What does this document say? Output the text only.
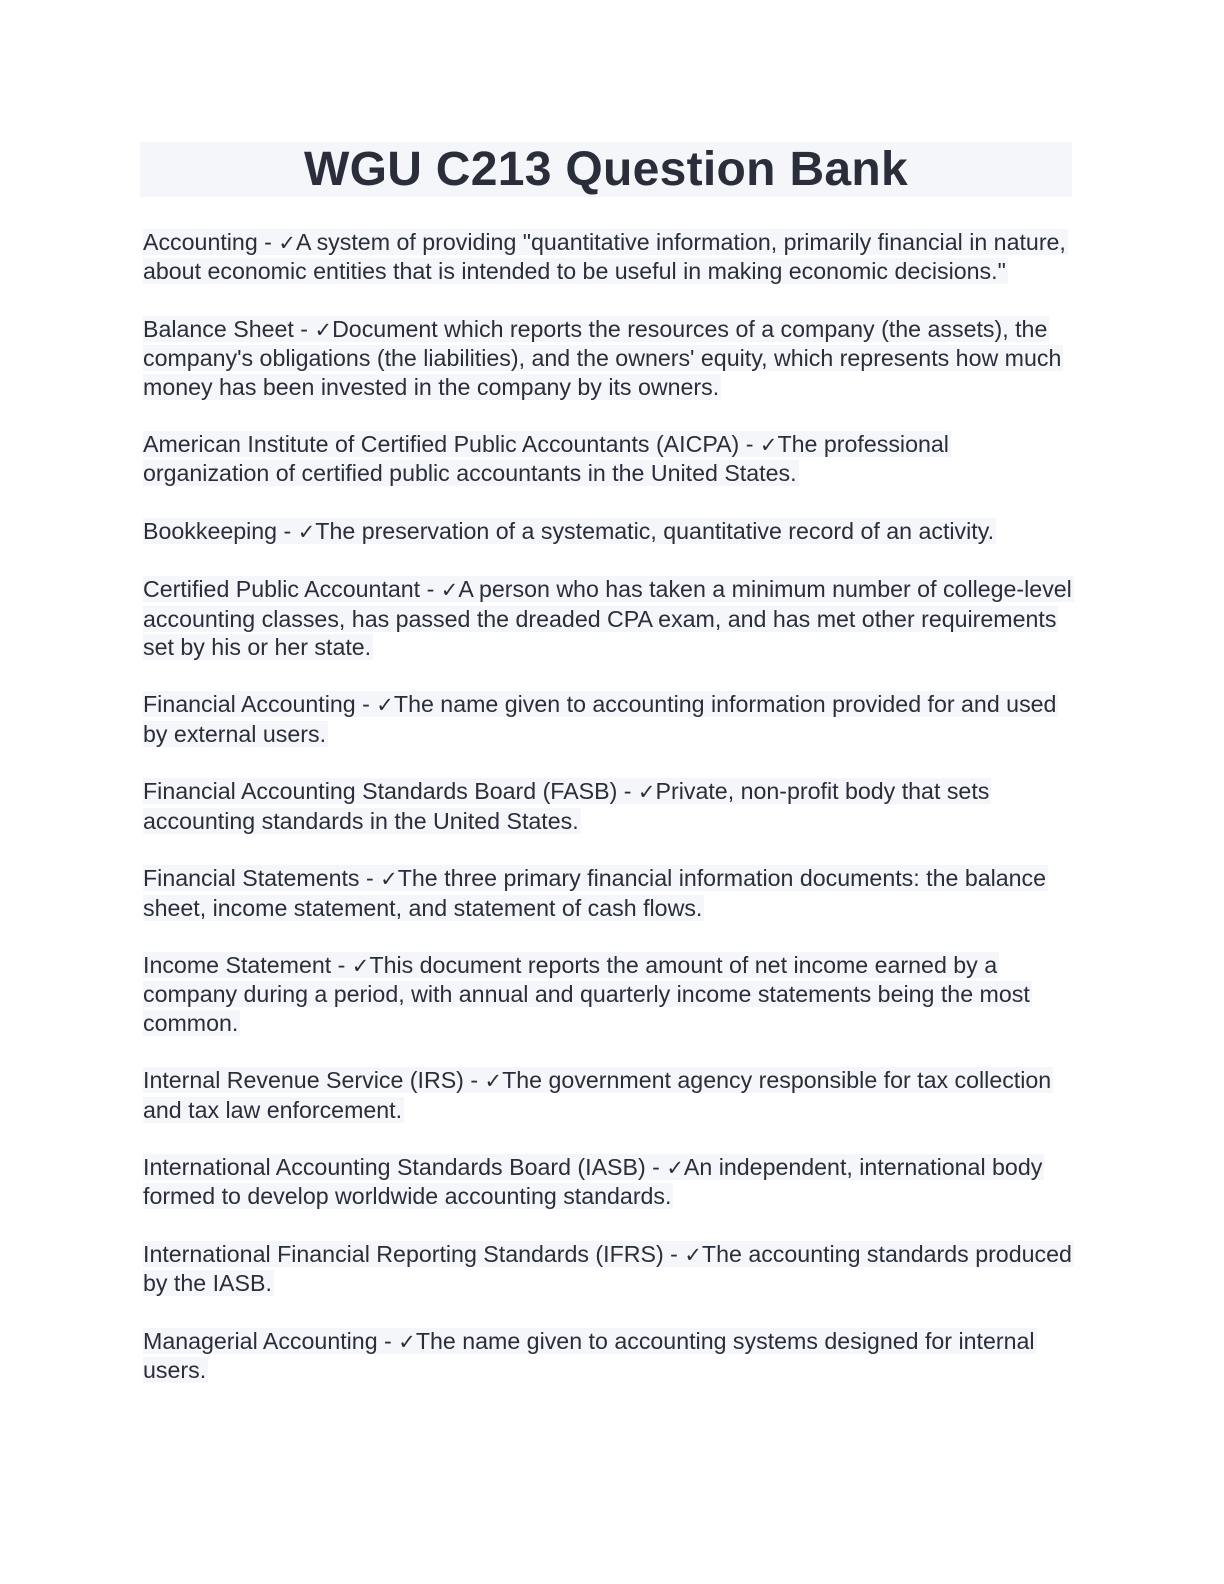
WGU C213 Question Bank

Accounting - ✓A system of providing "quantitative information, primarily financial in nature, about economic entities that is intended to be useful in making economic decisions."

Balance Sheet - ✓Document which reports the resources of a company (the assets), the company's obligations (the liabilities), and the owners' equity, which represents how much money has been invested in the company by its owners.

American Institute of Certified Public Accountants (AICPA) - ✓The professional organization of certified public accountants in the United States.

Bookkeeping - ✓The preservation of a systematic, quantitative record of an activity.

Certified Public Accountant - ✓A person who has taken a minimum number of college-level accounting classes, has passed the dreaded CPA exam, and has met other requirements set by his or her state.

Financial Accounting - ✓The name given to accounting information provided for and used by external users.

Financial Accounting Standards Board (FASB) - ✓Private, non-profit body that sets accounting standards in the United States.

Financial Statements - ✓The three primary financial information documents: the balance sheet, income statement, and statement of cash flows.

Income Statement - ✓This document reports the amount of net income earned by a company during a period, with annual and quarterly income statements being the most common.

Internal Revenue Service (IRS) - ✓The government agency responsible for tax collection and tax law enforcement.

International Accounting Standards Board (IASB) - ✓An independent, international body formed to develop worldwide accounting standards.

International Financial Reporting Standards (IFRS) - ✓The accounting standards produced by the IASB.

Managerial Accounting - ✓The name given to accounting systems designed for internal users.
